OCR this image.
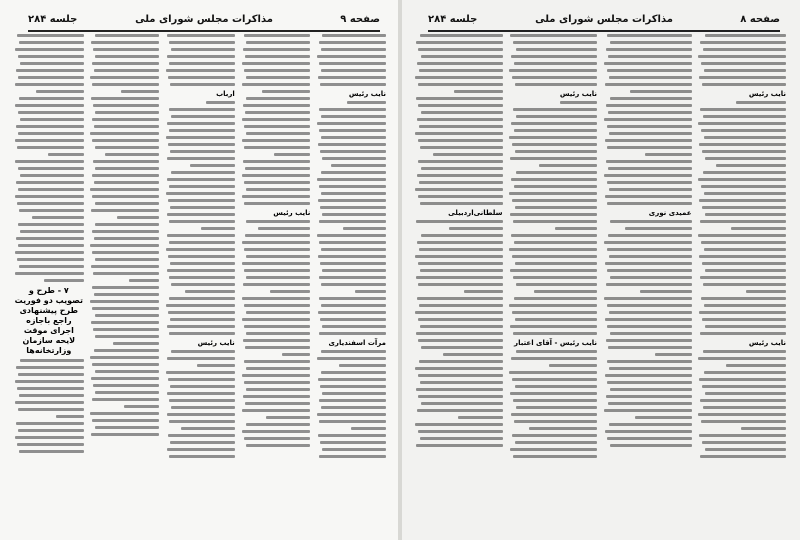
صفحه ۹
مذاکرات مجلس شورای ملی
جلسه ۲۸۴
نایب رئیس
مرآت اسفندیاری
نایب رئیس
ارباب
نایب رئیس
۷ - طرح و تصویب دو فوریت طرح پیشنهادی راجع باجازه اجرای موقت لایحه سازمان وزارتخانه‌ها
صفحه ۸
مذاکرات مجلس شورای ملی
جلسه ۲۸۴
نایب رئیس
نایب رئیس
عمیدی نوری
نایب رئیس
نایب رئیس - آقای اعتبار
سلطانی‌اردبیلی
